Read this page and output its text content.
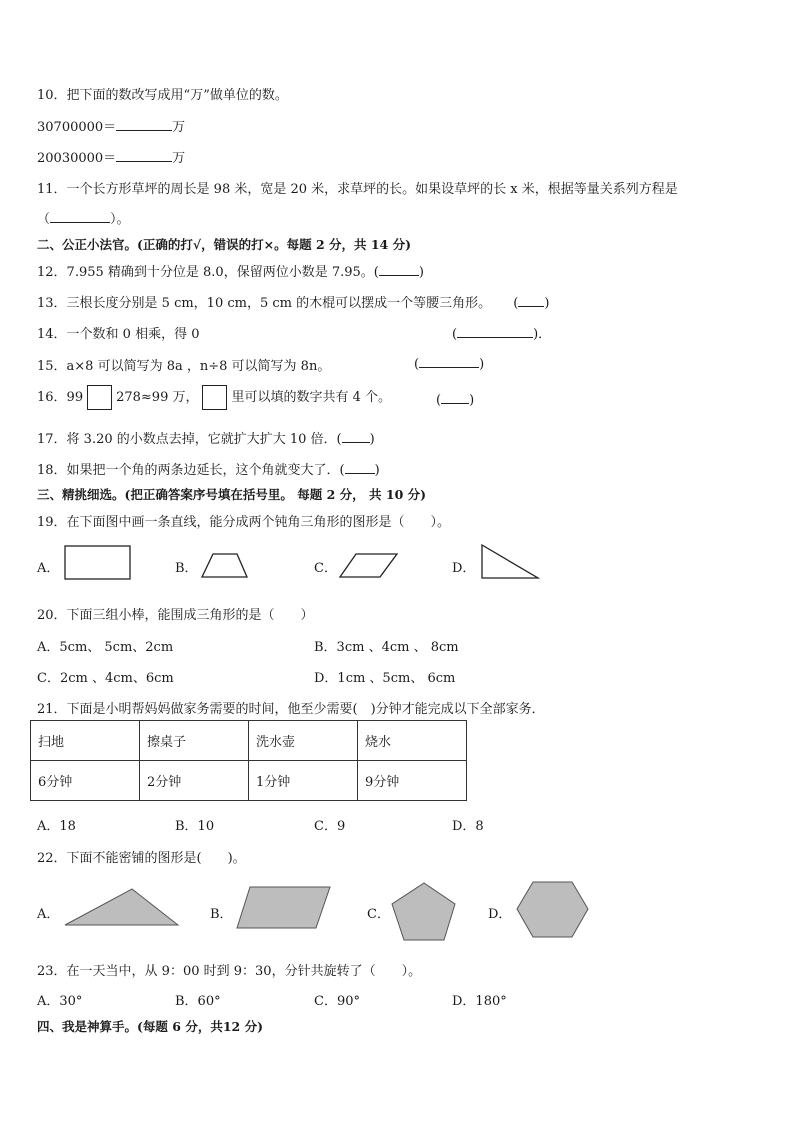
10．把下面的数改写成用“万”做单位的数。
30700000＝	万
20030000＝	万
11．一个长方形草坪的周长是 98 米，宽是 20 米，求草坪的长。如果设草坪的长 x 米，根据等量关系列方程是
（	）。
二、公正小法官。(正确的打√，错误的打×。每题 2 分，共 14 分)
12．7.955 精确到十分位是 8.0，保留两位小数是 7.95。(	)
13．三根长度分别是 5 cm，10 cm，5 cm 的木棍可以摆成一个等腰三角形。 ( )
14．一个数和 0 相乘，得 0	(	)．
15．a×8 可以简写为 8a ，n÷8 可以简写为 8n。	(	)
16．99	278≈99 万，	里可以填的数字共有 4 个。	( )
17．将 3.20 的小数点去掉，它就扩大扩大 10 倍．( )
18．如果把一个角的两条边延长，这个角就变大了．( )
三、精挑细选。(把正确答案序号填在括号里。 每题 2 分， 共 10 分)
19．在下面图中画一条直线，能分成两个钝角三角形的图形是（　　）。
A．	B．	C．	D．
20．下面三组小棒，能围成三角形的是（　　）
A．5cm、 5cm、2cm	B．3cm 、4cm 、 8cm
C．2cm 、4cm、6cm	D．1cm 、5cm、 6cm
21．下面是小明帮妈妈做家务需要的时间，他至少需要(　)分钟才能完成以下全部家务．
扫地	擦桌子	洗水壶	烧水
6分钟	2分钟	1分钟	9分钟
A．18	B．10	C．9	D．8
22．下面不能密铺的图形是(　　)。
A．	B．	C．	D．
23．在一天当中，从 9：00 时到 9：30，分针共旋转了（　　）。
A．30°	B．60°	C．90°	D．180°
四、我是神算手。(每题 6 分，共12 分)
